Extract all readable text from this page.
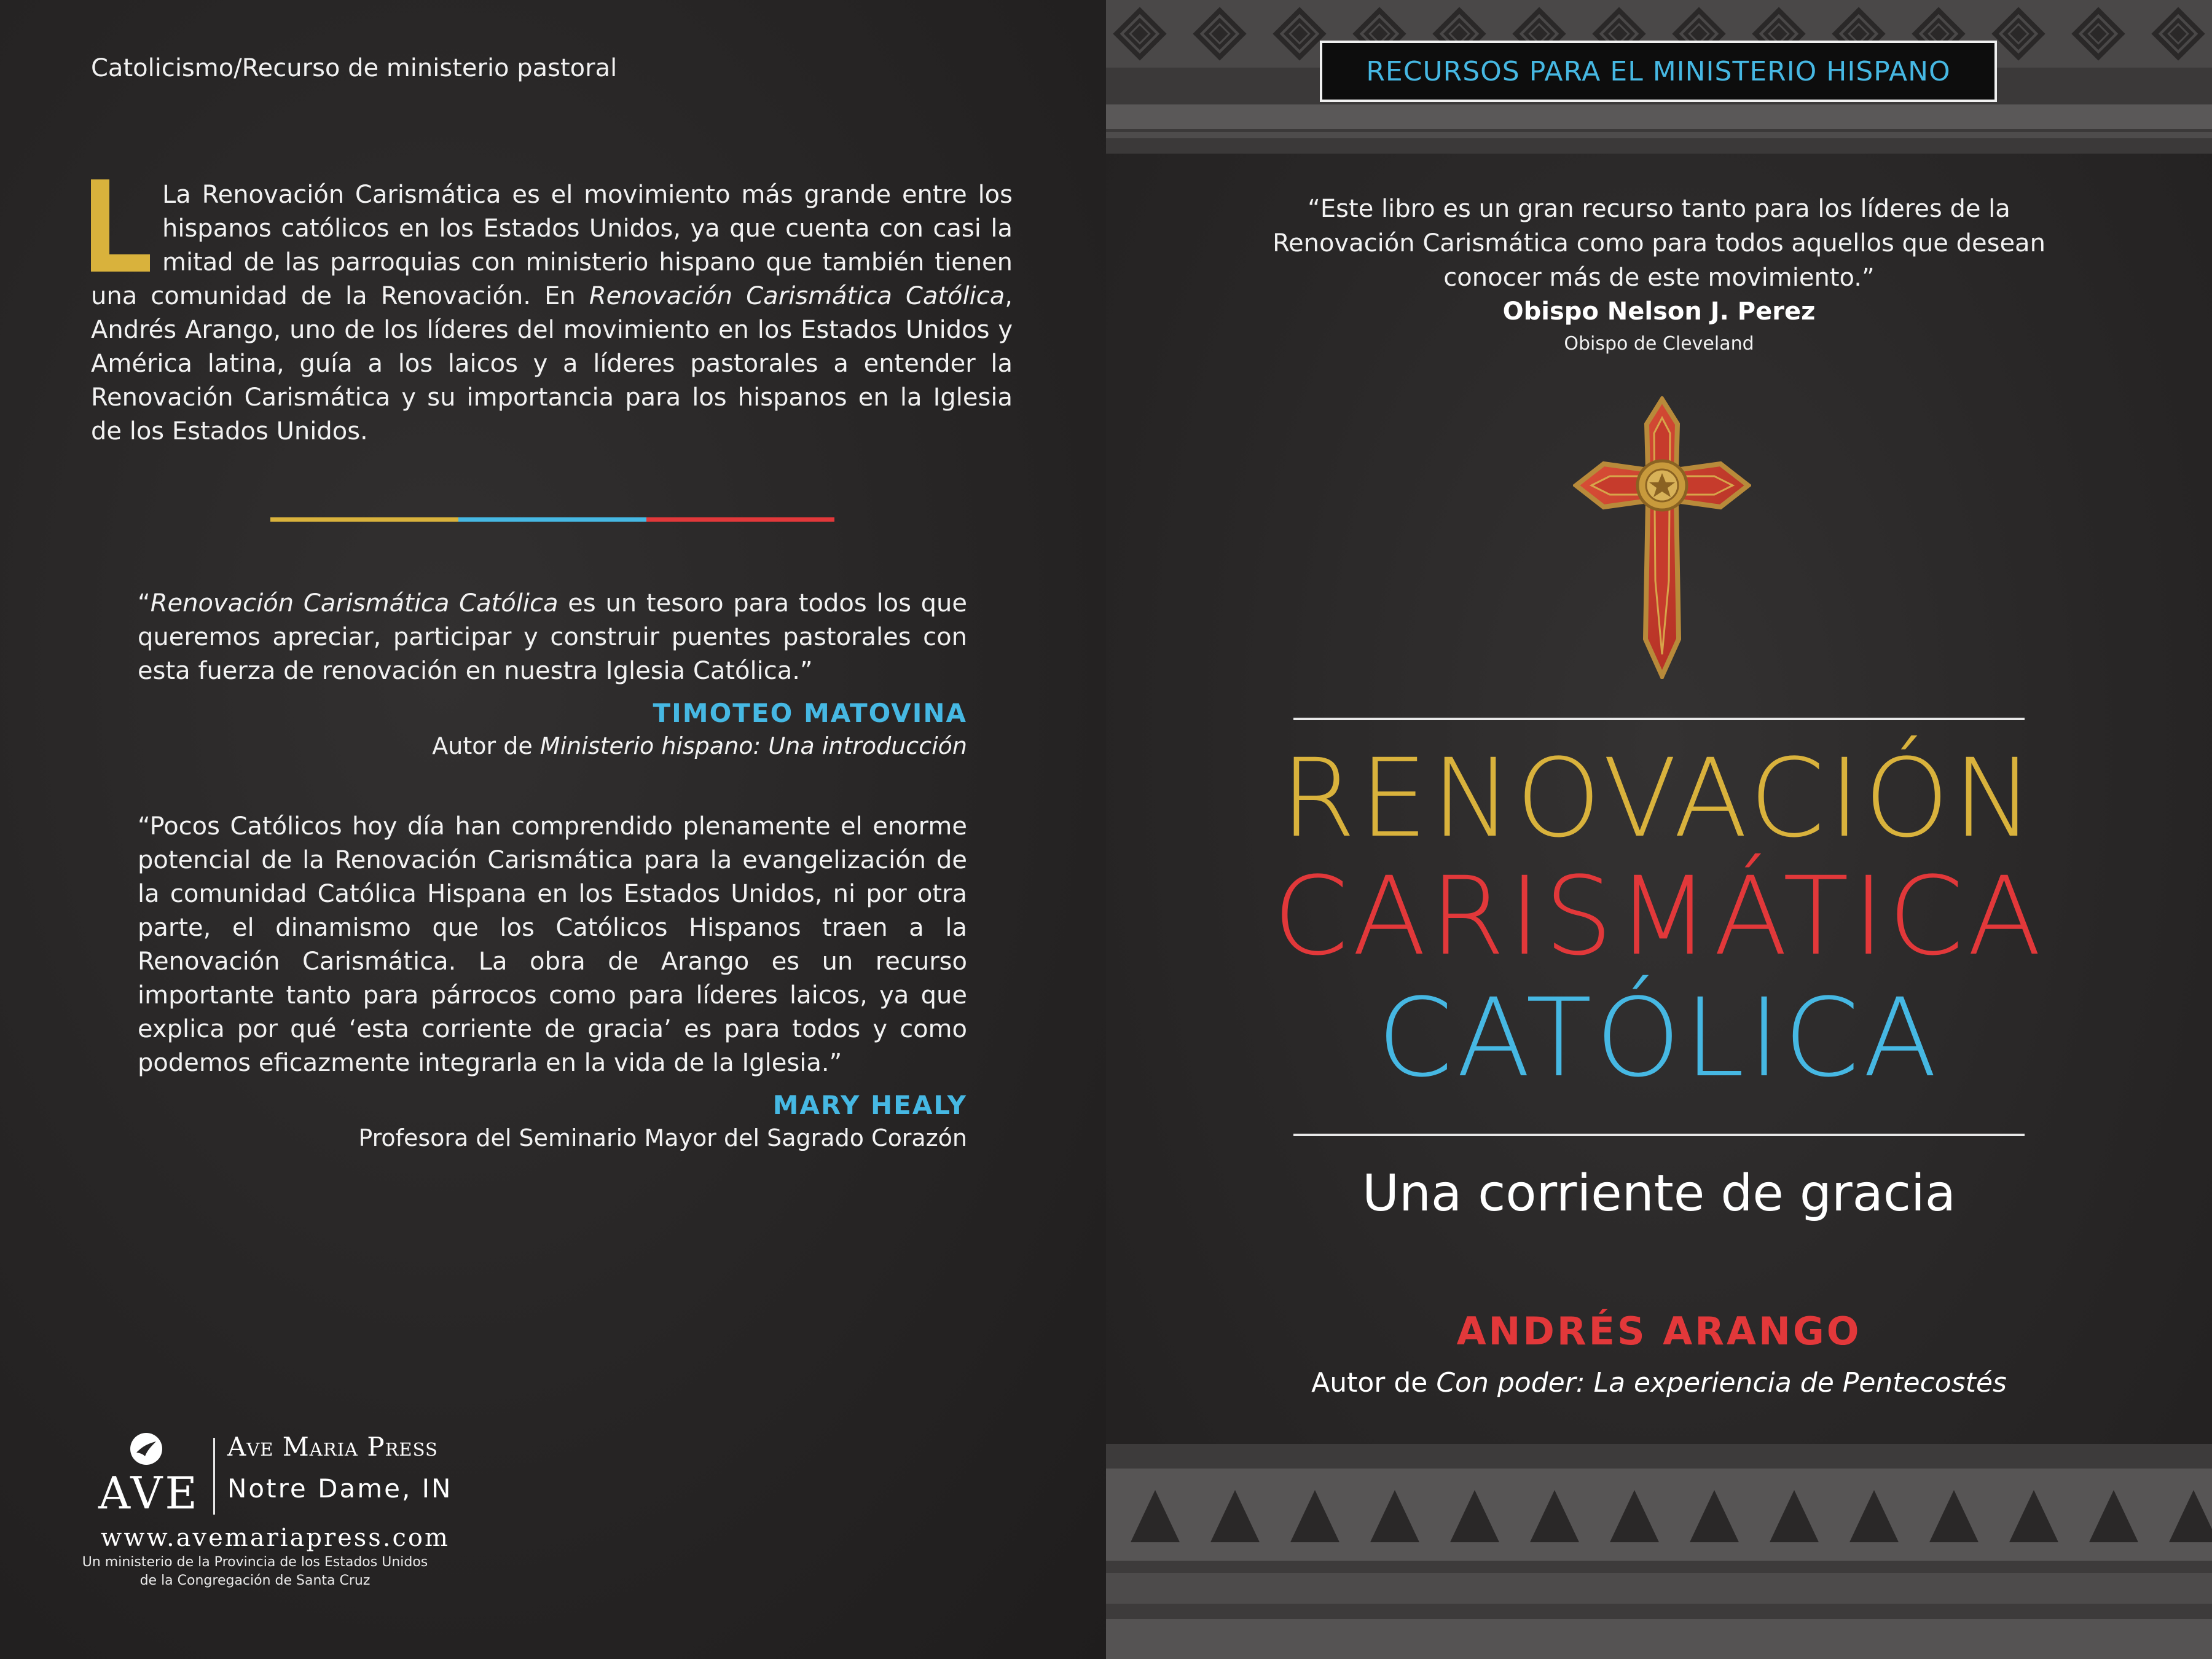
Catolicismo/Recurso de ministerio pastoral
La Renovación Carismática es el movimiento más grande entre los hispanos católicos en los Estados Unidos, ya que cuenta con casi la mitad de las parroquias con ministerio hispano que también tienen una comunidad de la Renovación. En Renovación Carismática Católica, Andrés Arango, uno de los líderes del movimiento en los Estados Unidos y América latina, guía a los laicos y a líderes pastorales a entender la Renovación Carismática y su importancia para los hispanos en la Iglesia de los Estados Unidos.
“Renovación Carismática Católica es un tesoro para todos los que queremos apreciar, participar y construir puentes pastorales con esta fuerza de renovación en nuestra Iglesia Católica.”
TIMOTEO MATOVINA
Autor de Ministerio hispano: Una introducción
“Pocos Católicos hoy día han comprendido plenamente el enorme potencial de la Renovación Carismática para la evangelización de la comunidad Católica Hispana en los Estados Unidos, ni por otra parte, el dinamismo que los Católicos Hispanos traen a la Renovación Carismática. La obra de Arango es un recurso importante tanto para párrocos como para líderes laicos, ya que explica por qué ‘esta corriente de gracia’ es para todos y como podemos eficazmente integrarla en la vida de la Iglesia.”
MARY HEALY
Profesora del Seminario Mayor del Sagrado Corazón
AVE
Ave Maria Press
Notre Dame, IN
www.avemariapress.com
Un ministerio de la Provincia de los Estados Unidos
de la Congregación de Santa Cruz
RECURSOS PARA EL MINISTERIO HISPANO
“Este libro es un gran recurso tanto para los líderes de la Renovación Carismática como para todos aquellos que desean conocer más de este movimiento.”
Obispo Nelson J. Perez
Obispo de Cleveland
RENOVACIÓN
CARISMÁTICA
CATÓLICA
Una corriente de gracia
ANDRÉS ARANGO
Autor de Con poder: La experiencia de Pentecostés
